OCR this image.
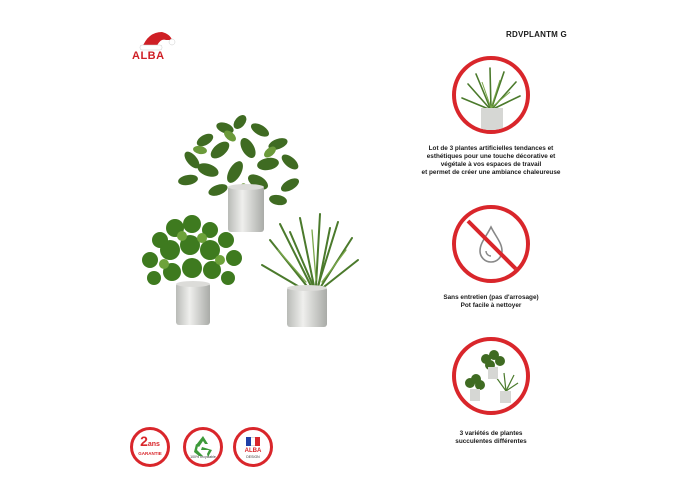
ALBA
RDVPLANTM G
Lot de 3 plantes artificielles tendances et
esthétiques pour une touche décorative et
végétale à vos espaces de travail
et permet de créer une ambiance chaleureuse
Sans entretien (pas d'arrosage)
Pot facile à nettoyer
3 variétés de plantes
succulentes différentes
2ans
GARANTIE
100% recyclable
ALBA
DESIGN
